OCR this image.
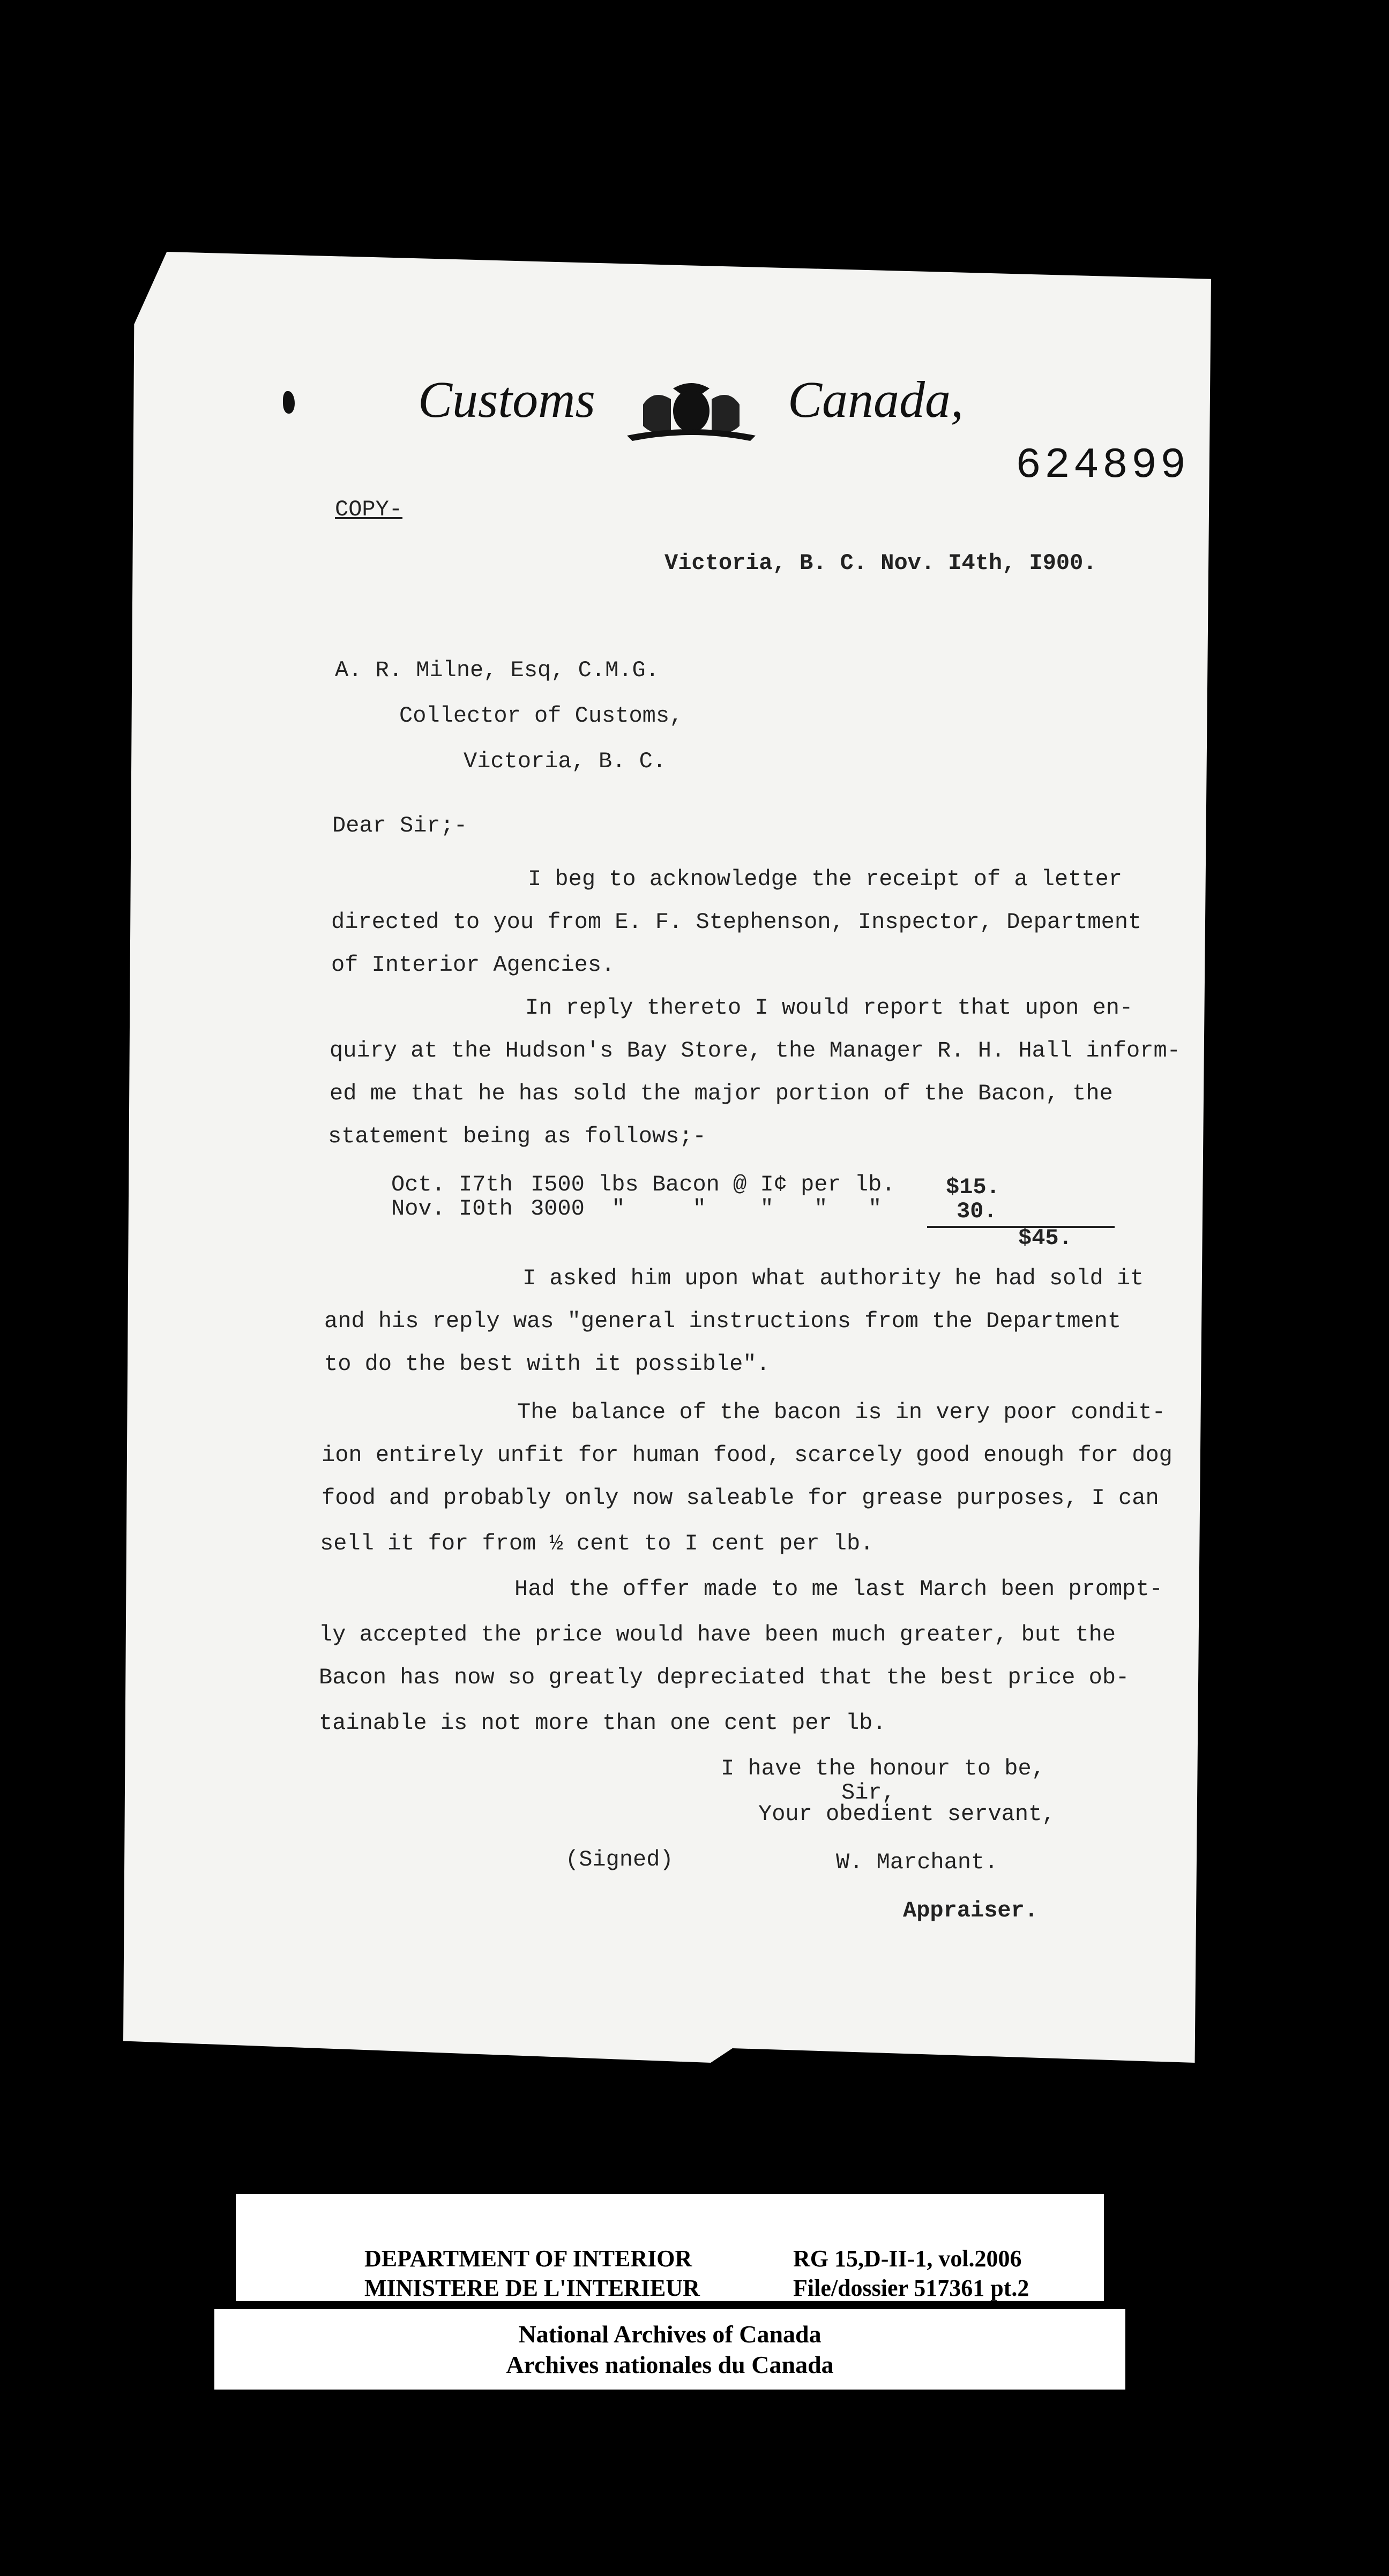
Customs	Canada,
624899
COPY-
Victoria, B. C. Nov. I4th, I900.
A. R. Milne, Esq, C.M.G.
Collector of Customs,
Victoria, B. C.
Dear Sir;-
I beg to acknowledge the receipt of a letter
directed to you from E. F. Stephenson, Inspector, Department
of Interior Agencies.
In reply thereto I would report that upon en-
quiry at the Hudson's Bay Store, the Manager R. H. Hall inform-
ed me that he has sold the major portion of the Bacon, the
statement being as follows;-
Oct. I7th I500 lbs Bacon @ I¢ per lb. $15.
Nov. I0th 3000  "     "    "   "   "	30.
$45.
I asked him upon what authority he had sold it
and his reply was "general instructions from the Department
to do the best with it possible".
The balance of the bacon is in very poor condit-
ion entirely unfit for human food, scarcely good enough for dog
food and probably only now saleable for grease purposes, I can
sell it for from ½ cent to I cent per lb.
Had the offer made to me last March been prompt-
ly accepted the price would have been much greater, but the
Bacon has now so greatly depreciated that the best price ob-
tainable is not more than one cent per lb.
I have the honour to be,
Sir,
Your obedient servant,
(Signed)	W. Marchant.
Appraiser.
DEPARTMENT OF INTERIOR
MINISTERE DE L'INTERIEUR
RG 15,D-II-1, vol.2006
File/dossier 517361 pt.2
National Archives of Canada
Archives nationales du Canada
